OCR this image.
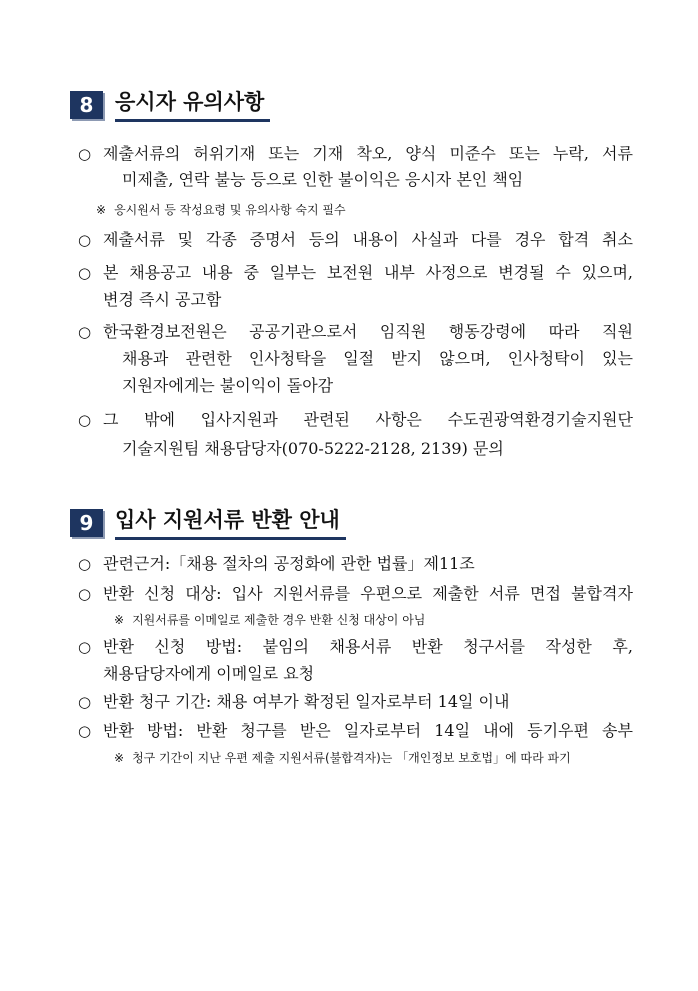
8	응시자 유의사항
○ 제출서류의 허위기재 또는 기재 착오, 양식 미준수 또는 누락, 서류
미제출, 연락 불능 등으로 인한 불이익은 응시자 본인 책임
※ 응시원서 등 작성요령 및 유의사항 숙지 필수
○ 제출서류 및 각종 증명서 등의 내용이 사실과 다를 경우 합격 취소
○ 본 채용공고 내용 중 일부는 보전원 내부 사정으로 변경될 수 있으며,
변경 즉시 공고함
○ 한국환경보전원은 공공기관으로서 임직원 행동강령에 따라 직원
채용과 관련한 인사청탁을 일절 받지 않으며, 인사청탁이 있는
지원자에게는 불이익이 돌아감
○ 그 밖에 입사지원과 관련된 사항은 수도권광역환경기술지원단
기술지원팀 채용담당자(070-5222-2128, 2139) 문의
9	입사 지원서류 반환 안내
○ 관련근거:「채용 절차의 공정화에 관한 법률」제11조
○ 반환 신청 대상: 입사 지원서류를 우편으로 제출한 서류 면접 불합격자
※ 지원서류를 이메일로 제출한 경우 반환 신청 대상이 아님
○ 반환 신청 방법: 붙임의 채용서류 반환 청구서를 작성한 후,
채용담당자에게 이메일로 요청
○ 반환 청구 기간: 채용 여부가 확정된 일자로부터 14일 이내
○ 반환 방법: 반환 청구를 받은 일자로부터 14일 내에 등기우편 송부
※ 청구 기간이 지난 우편 제출 지원서류(불합격자)는 「개인정보 보호법」에 따라 파기
